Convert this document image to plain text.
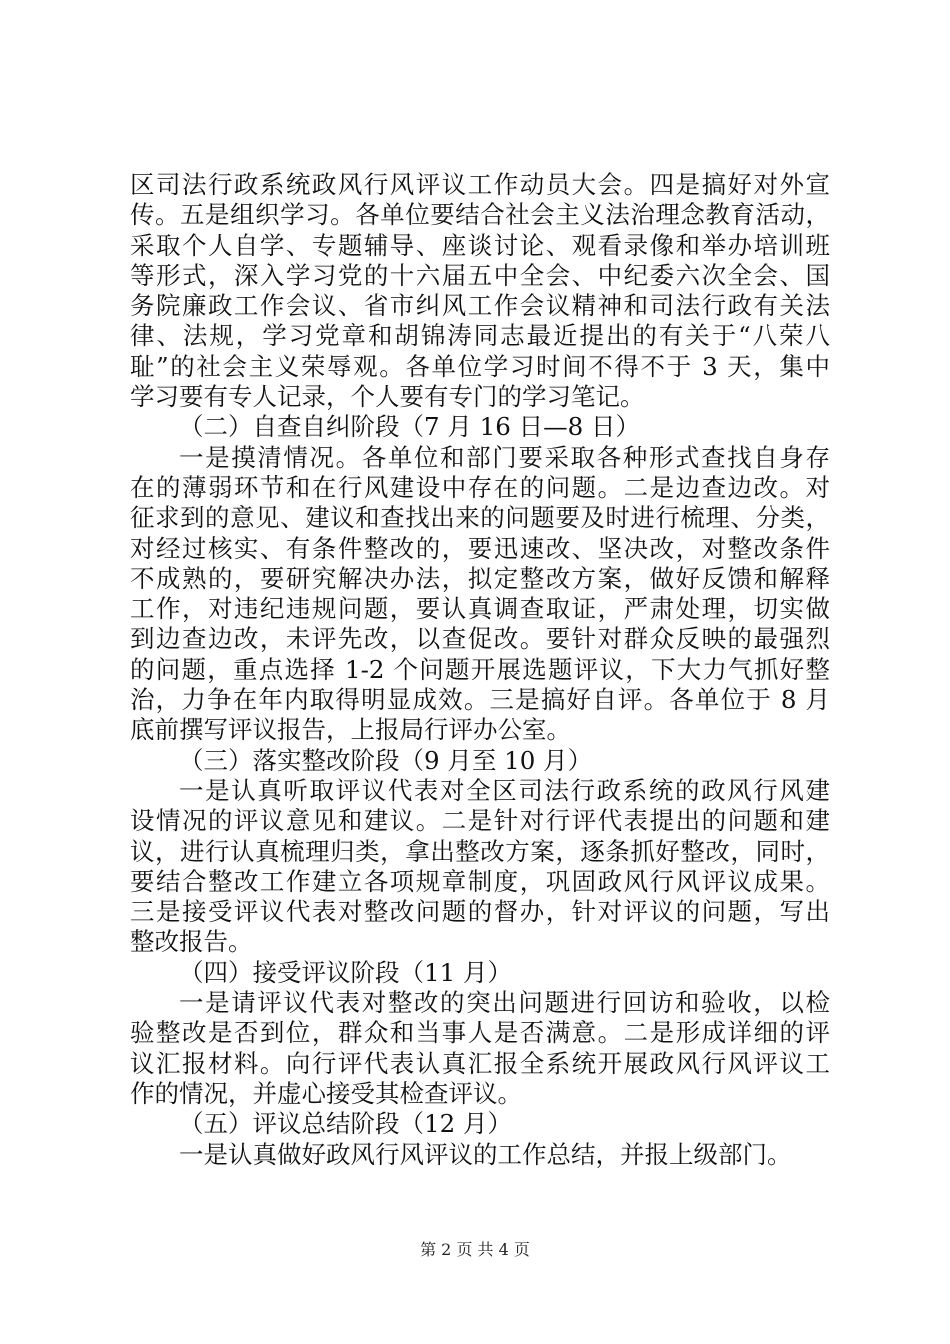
区司法行政系统政风行风评议工作动员大会。四是搞好对外宣
传。五是组织学习。各单位要结合社会主义法治理念教育活动，
采取个人自学、专题辅导、座谈讨论、观看录像和举办培训班
等形式，深入学习党的十六届五中全会、中纪委六次全会、国
务院廉政工作会议、省市纠风工作会议精神和司法行政有关法
律、法规，学习党章和胡锦涛同志最近提出的有关于“八荣八
耻”的社会主义荣辱观。各单位学习时间不得不于 3 天，集中
学习要有专人记录，个人要有专门的学习笔记。
（二）自查自纠阶段（7 月 16 日—8 日）
一是摸清情况。各单位和部门要采取各种形式查找自身存
在的薄弱环节和在行风建设中存在的问题。二是边查边改。对
征求到的意见、建议和查找出来的问题要及时进行梳理、分类，
对经过核实、有条件整改的，要迅速改、坚决改，对整改条件
不成熟的，要研究解决办法，拟定整改方案，做好反馈和解释
工作，对违纪违规问题，要认真调查取证，严肃处理，切实做
到边查边改，未评先改，以查促改。要针对群众反映的最强烈
的问题，重点选择 1-2 个问题开展选题评议，下大力气抓好整
治，力争在年内取得明显成效。三是搞好自评。各单位于 8 月
底前撰写评议报告，上报局行评办公室。
（三）落实整改阶段（9 月至 10 月）
一是认真听取评议代表对全区司法行政系统的政风行风建
设情况的评议意见和建议。二是针对行评代表提出的问题和建
议，进行认真梳理归类，拿出整改方案，逐条抓好整改，同时，
要结合整改工作建立各项规章制度，巩固政风行风评议成果。
三是接受评议代表对整改问题的督办，针对评议的问题，写出
整改报告。
（四）接受评议阶段（11 月）
一是请评议代表对整改的突出问题进行回访和验收，以检
验整改是否到位，群众和当事人是否满意。二是形成详细的评
议汇报材料。向行评代表认真汇报全系统开展政风行风评议工
作的情况，并虚心接受其检查评议。
（五）评议总结阶段（12 月）
一是认真做好政风行风评议的工作总结，并报上级部门。
第 2 页 共 4 页
